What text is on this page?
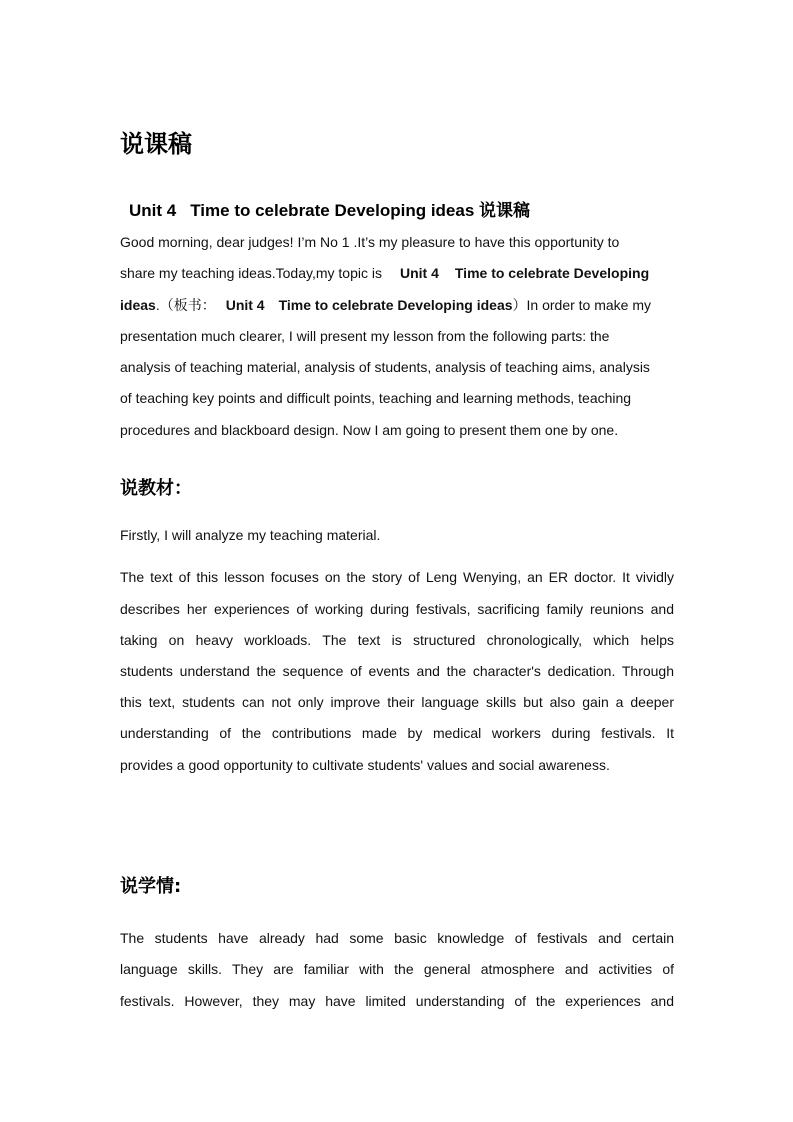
说课稿
Unit 4 Time to celebrate Developing ideas 说课稿

Good morning, dear judges! I’m No 1 .It’s my pleasure to have this opportunity to

share my teaching ideas.Today,my topic is Unit 4 Time to celebrate Developing

ideas.（板书： Unit 4 Time to celebrate Developing ideas）In order to make my

presentation much clearer, I will present my lesson from the following parts: the

analysis of teaching material, analysis of students, analysis of teaching aims, analysis

of teaching key points and difficult points, teaching and learning methods, teaching

procedures and blackboard design. Now I am going to present them one by one.

说教材：

Firstly, I will analyze my teaching material.

The text of this lesson focuses on the story of Leng Wenying, an ER doctor. It vividly

describes her experiences of working during festivals, sacrificing family reunions and

taking on heavy workloads. The text is structured chronologically, which helps

students understand the sequence of events and the character's dedication. Through

this text, students can not only improve their language skills but also gain a deeper

understanding of the contributions made by medical workers during festivals. It

provides a good opportunity to cultivate students' values and social awareness.

说学情:

The students have already had some basic knowledge of festivals and certain

language skills. They are familiar with the general atmosphere and activities of

festivals. However, they may have limited understanding of the experiences and
